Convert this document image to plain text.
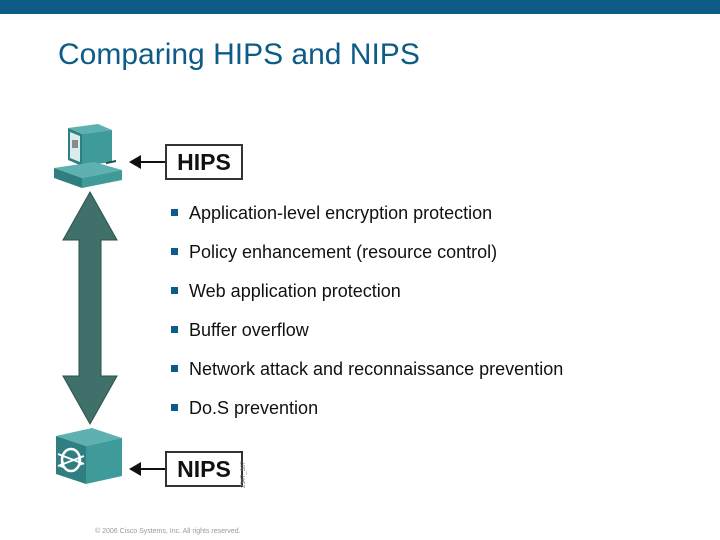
Comparing HIPS and NIPS
HIPS
Application-level encryption protection
Policy enhancement (resource control)
Web application protection
Buffer overflow
Network attack and reconnaissance prevention
Do.S prevention
NIPS 2347_307
© 2006 Cisco Systems, Inc. All rights reserved.
